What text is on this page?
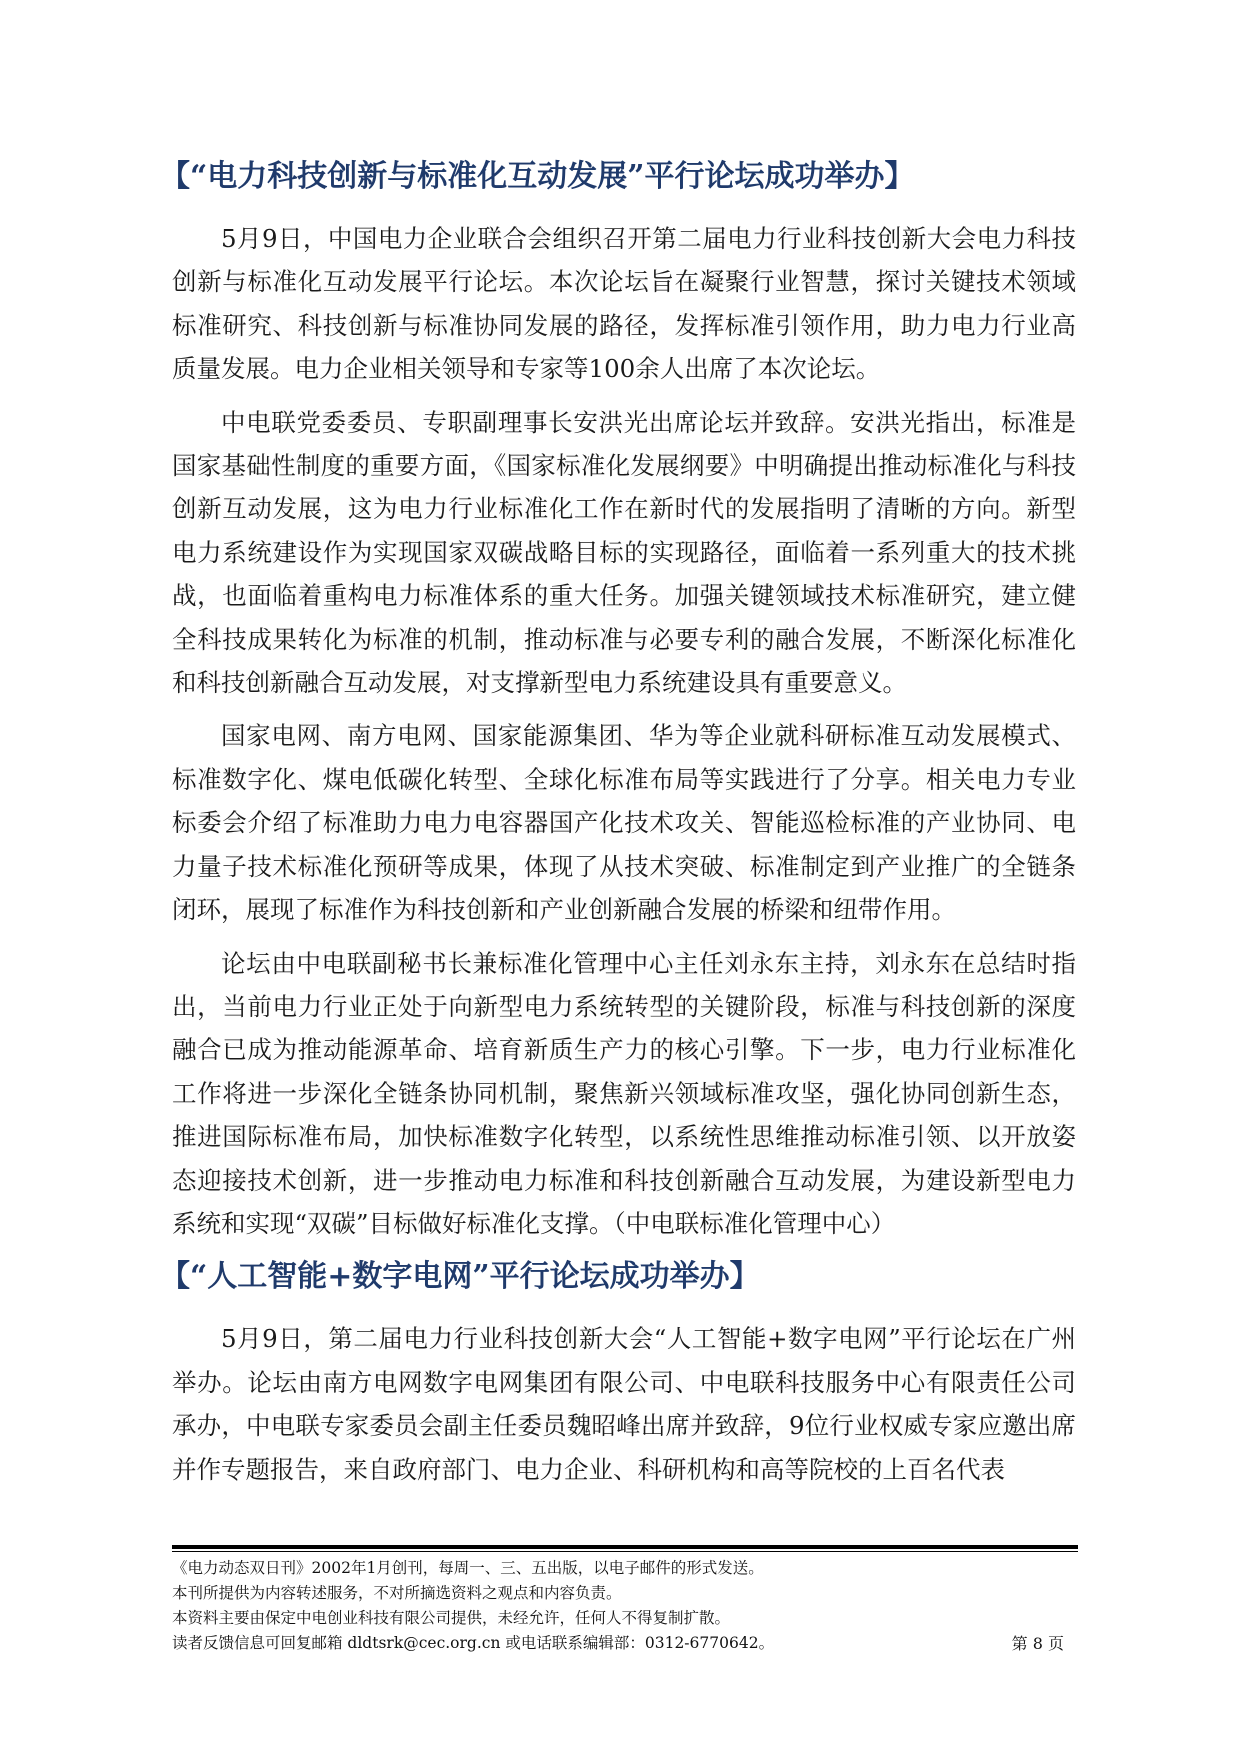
【“电力科技创新与标准化互动发展”平行论坛成功举办】

5月9日，中国电力企业联合会组织召开第二届电力行业科技创新大会电力科技创新与标准化互动发展平行论坛。本次论坛旨在凝聚行业智慧，探讨关键技术领域标准研究、科技创新与标准协同发展的路径，发挥标准引领作用，助力电力行业高质量发展。电力企业相关领导和专家等100余人出席了本次论坛。

中电联党委委员、专职副理事长安洪光出席论坛并致辞。安洪光指出，标准是国家基础性制度的重要方面，《国家标准化发展纲要》中明确提出推动标准化与科技创新互动发展，这为电力行业标准化工作在新时代的发展指明了清晰的方向。新型电力系统建设作为实现国家双碳战略目标的实现路径，面临着一系列重大的技术挑战，也面临着重构电力标准体系的重大任务。加强关键领域技术标准研究，建立健全科技成果转化为标准的机制，推动标准与必要专利的融合发展，不断深化标准化和科技创新融合互动发展，对支撑新型电力系统建设具有重要意义。

国家电网、南方电网、国家能源集团、华为等企业就科研标准互动发展模式、标准数字化、煤电低碳化转型、全球化标准布局等实践进行了分享。相关电力专业标委会介绍了标准助力电力电容器国产化技术攻关、智能巡检标准的产业协同、电力量子技术标准化预研等成果，体现了从技术突破、标准制定到产业推广的全链条闭环，展现了标准作为科技创新和产业创新融合发展的桥梁和纽带作用。

论坛由中电联副秘书长兼标准化管理中心主任刘永东主持，刘永东在总结时指出，当前电力行业正处于向新型电力系统转型的关键阶段，标准与科技创新的深度融合已成为推动能源革命、培育新质生产力的核心引擎。下一步，电力行业标准化工作将进一步深化全链条协同机制，聚焦新兴领域标准攻坚，强化协同创新生态，推进国际标准布局，加快标准数字化转型，以系统性思维推动标准引领、以开放姿态迎接技术创新，进一步推动电力标准和科技创新融合互动发展，为建设新型电力系统和实现“双碳”目标做好标准化支撑。（中电联标准化管理中心）

【“人工智能+数字电网”平行论坛成功举办】

5月9日，第二届电力行业科技创新大会“人工智能+数字电网”平行论坛在广州举办。论坛由南方电网数字电网集团有限公司、中电联科技服务中心有限责任公司承办，中电联专家委员会副主任委员魏昭峰出席并致辞，9位行业权威专家应邀出席并作专题报告，来自政府部门、电力企业、科研机构和高等院校的上百名代表

《电力动态双日刊》2002年1月创刊，每周一、三、五出版，以电子邮件的形式发送。
本刊所提供为内容转述服务，不对所摘选资料之观点和内容负责。
本资料主要由保定中电创业科技有限公司提供，未经允许，任何人不得复制扩散。
读者反馈信息可回复邮箱 dldtsrk@cec.org.cn 或电话联系编辑部：0312-6770642。	第 8 页
